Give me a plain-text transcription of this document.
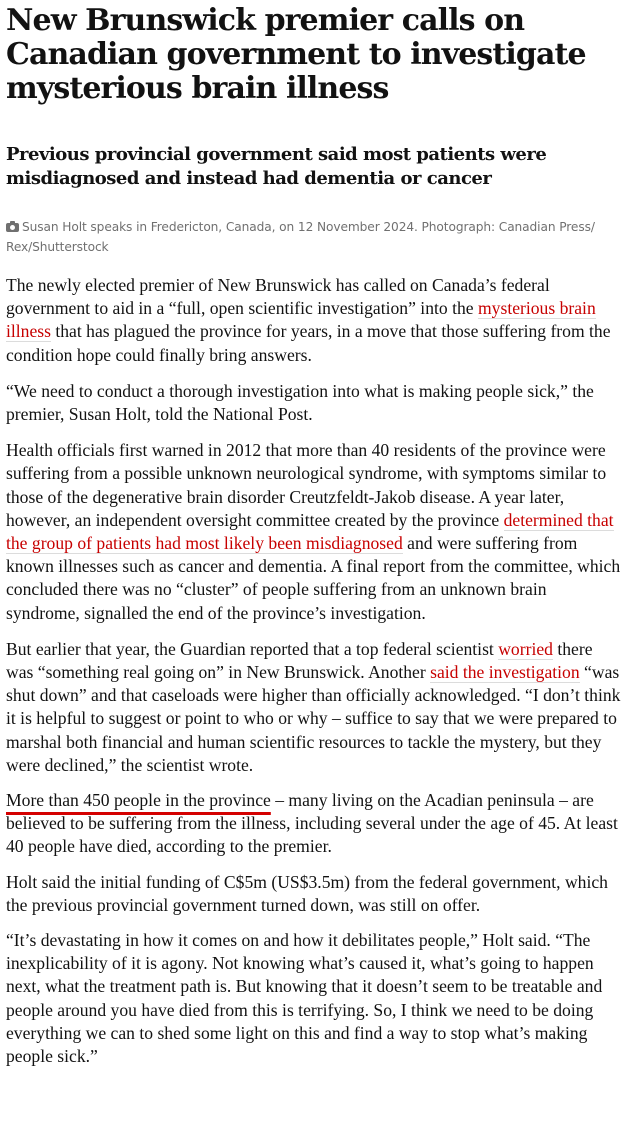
New Brunswick premier calls on Canadian government to investigate mysterious brain illness
Previous provincial government said most patients were misdiagnosed and instead had dementia or cancer
Susan Holt speaks in Fredericton, Canada, on 12 November 2024. Photograph: Canadian Press/ Rex/Shutterstock

The newly elected premier of New Brunswick has called on Canada’s federal government to aid in a “full, open scientific investigation” into the mysterious brain illness that has plagued the province for years, in a move that those suffering from the condition hope could finally bring answers.

“We need to conduct a thorough investigation into what is making people sick,” the premier, Susan Holt, told the National Post.

Health officials first warned in 2012 that more than 40 residents of the province were suffering from a possible unknown neurological syndrome, with symptoms similar to those of the degenerative brain disorder Creutzfeldt-Jakob disease. A year later, however, an independent oversight committee created by the province determined that the group of patients had most likely been misdiagnosed and were suffering from known illnesses such as cancer and dementia. A final report from the committee, which concluded there was no “cluster” of people suffering from an unknown brain syndrome, signalled the end of the province’s investigation.

But earlier that year, the Guardian reported that a top federal scientist worried there was “something real going on” in New Brunswick. Another said the investigation “was shut down” and that caseloads were higher than officially acknowledged. “I don’t think it is helpful to suggest or point to who or why – suffice to say that we were prepared to marshal both financial and human scientific resources to tackle the mystery, but they were declined,” the scientist wrote.

More than 450 people in the province – many living on the Acadian peninsula – are believed to be suffering from the illness, including several under the age of 45. At least 40 people have died, according to the premier.

Holt said the initial funding of C$5m (US$3.5m) from the federal government, which the previous provincial government turned down, was still on offer.

“It’s devastating in how it comes on and how it debilitates people,” Holt said. “The inexplicability of it is agony. Not knowing what’s caused it, what’s going to happen next, what the treatment path is. But knowing that it doesn’t seem to be treatable and people around you have died from this is terrifying. So, I think we need to be doing everything we can to shed some light on this and find a way to stop what’s making people sick.”
